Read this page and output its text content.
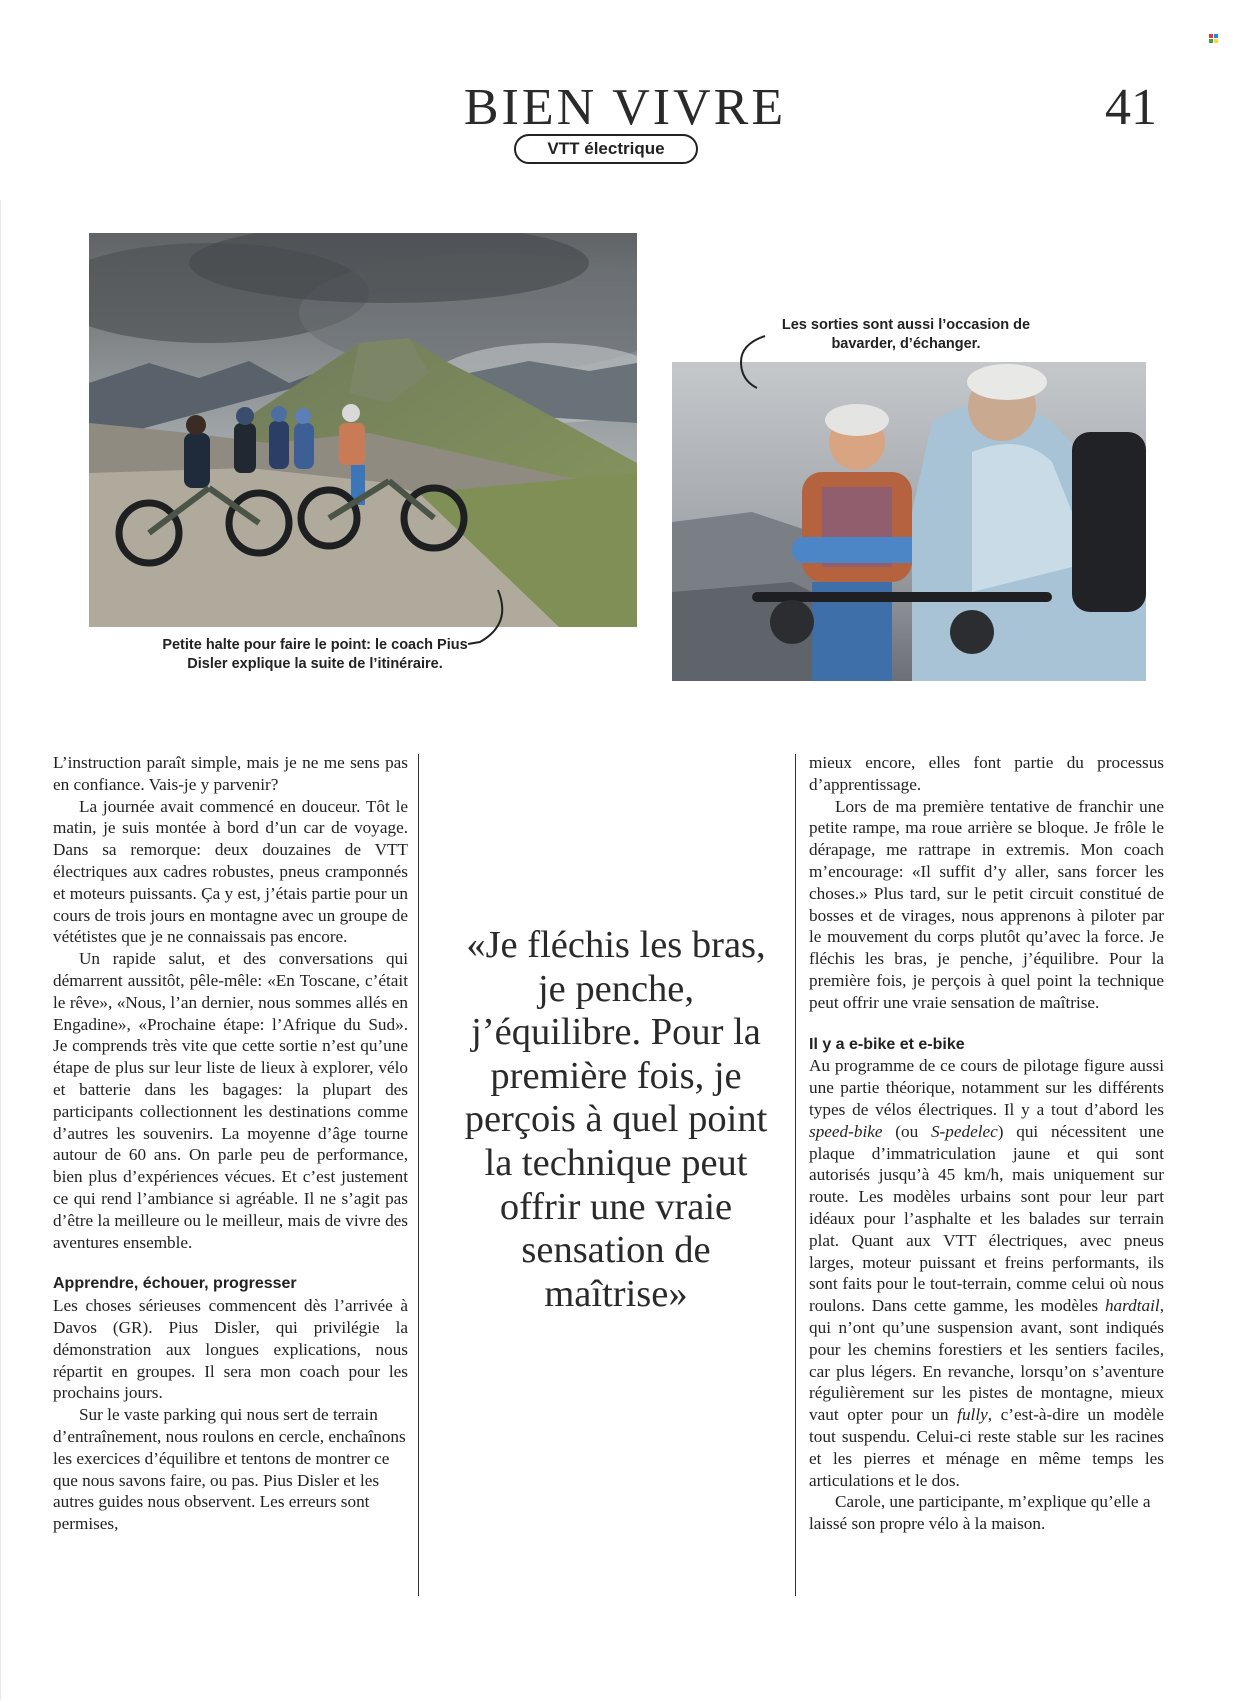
BIEN VIVRE	41
VTT électrique
Petite halte pour faire le point: le coach Pius Disler explique la suite de l’itinéraire.
Les sorties sont aussi l’occasion de bavarder, d’échanger.

L’instruction paraît simple, mais je ne me sens pas en confiance. Vais-je y parvenir?

La journée avait commencé en douceur. Tôt le matin, je suis montée à bord d’un car de voyage. Dans sa remorque: deux douzaines de VTT électriques aux cadres robustes, pneus cramponnés et moteurs puissants. Ça y est, j’étais partie pour un cours de trois jours en montagne avec un groupe de vététistes que je ne connaissais pas encore.

Un rapide salut, et des conversations qui démarrent aussitôt, pêle-mêle: «En Toscane, c’était le rêve», «Nous, l’an dernier, nous sommes allés en Engadine», «Prochaine étape: l’Afrique du Sud». Je comprends très vite que cette sortie n’est qu’une étape de plus sur leur liste de lieux à explorer, vélo et batterie dans les bagages: la plupart des participants collectionnent les destinations comme d’autres les souvenirs. La moyenne d’âge tourne autour de 60 ans. On parle peu de performance, bien plus d’expériences vécues. Et c’est justement ce qui rend l’ambiance si agréable. Il ne s’agit pas d’être la meilleure ou le meilleur, mais de vivre des aventures ensemble.

Apprendre, échouer, progresser

Les choses sérieuses commencent dès l’arrivée à Davos (GR). Pius Disler, qui privilégie la démonstration aux longues explications, nous répartit en groupes. Il sera mon coach pour les prochains jours.

Sur le vaste parking qui nous sert de terrain d’entraînement, nous roulons en cercle, enchaînons les exercices d’équilibre et tentons de montrer ce que nous savons faire, ou pas. Pius Disler et les autres guides nous observent. Les erreurs sont permises,

«Je fléchis les bras, je penche, j’équilibre. Pour la première fois, je perçois à quel point la technique peut offrir une vraie sensation de maîtrise»

mieux encore, elles font partie du processus d’apprentissage.

Lors de ma première tentative de franchir une petite rampe, ma roue arrière se bloque. Je frôle le dérapage, me rattrape in extremis. Mon coach m’encourage: «Il suffit d’y aller, sans forcer les choses.» Plus tard, sur le petit circuit constitué de bosses et de virages, nous apprenons à piloter par le mouvement du corps plutôt qu’avec la force. Je fléchis les bras, je penche, j’équilibre. Pour la première fois, je perçois à quel point la technique peut offrir une vraie sensation de maîtrise.

Il y a e-bike et e-bike

Au programme de ce cours de pilotage figure aussi une partie théorique, notamment sur les différents types de vélos électriques. Il y a tout d’abord les speed-bike (ou S-pedelec) qui nécessitent une plaque d’immatriculation jaune et qui sont autorisés jusqu’à 45 km/h, mais uniquement sur route. Les modèles urbains sont pour leur part idéaux pour l’asphalte et les balades sur terrain plat. Quant aux VTT électriques, avec pneus larges, moteur puissant et freins performants, ils sont faits pour le tout-terrain, comme celui où nous roulons. Dans cette gamme, les modèles hardtail, qui n’ont qu’une suspension avant, sont indiqués pour les chemins forestiers et les sentiers faciles, car plus légers. En revanche, lorsqu’on s’aventure régulièrement sur les pistes de montagne, mieux vaut opter pour un fully, c’est-à-dire un modèle tout suspendu. Celui-ci reste stable sur les racines et les pierres et ménage en même temps les articulations et le dos.

Carole, une participante, m’explique qu’elle a laissé son propre vélo à la maison.
